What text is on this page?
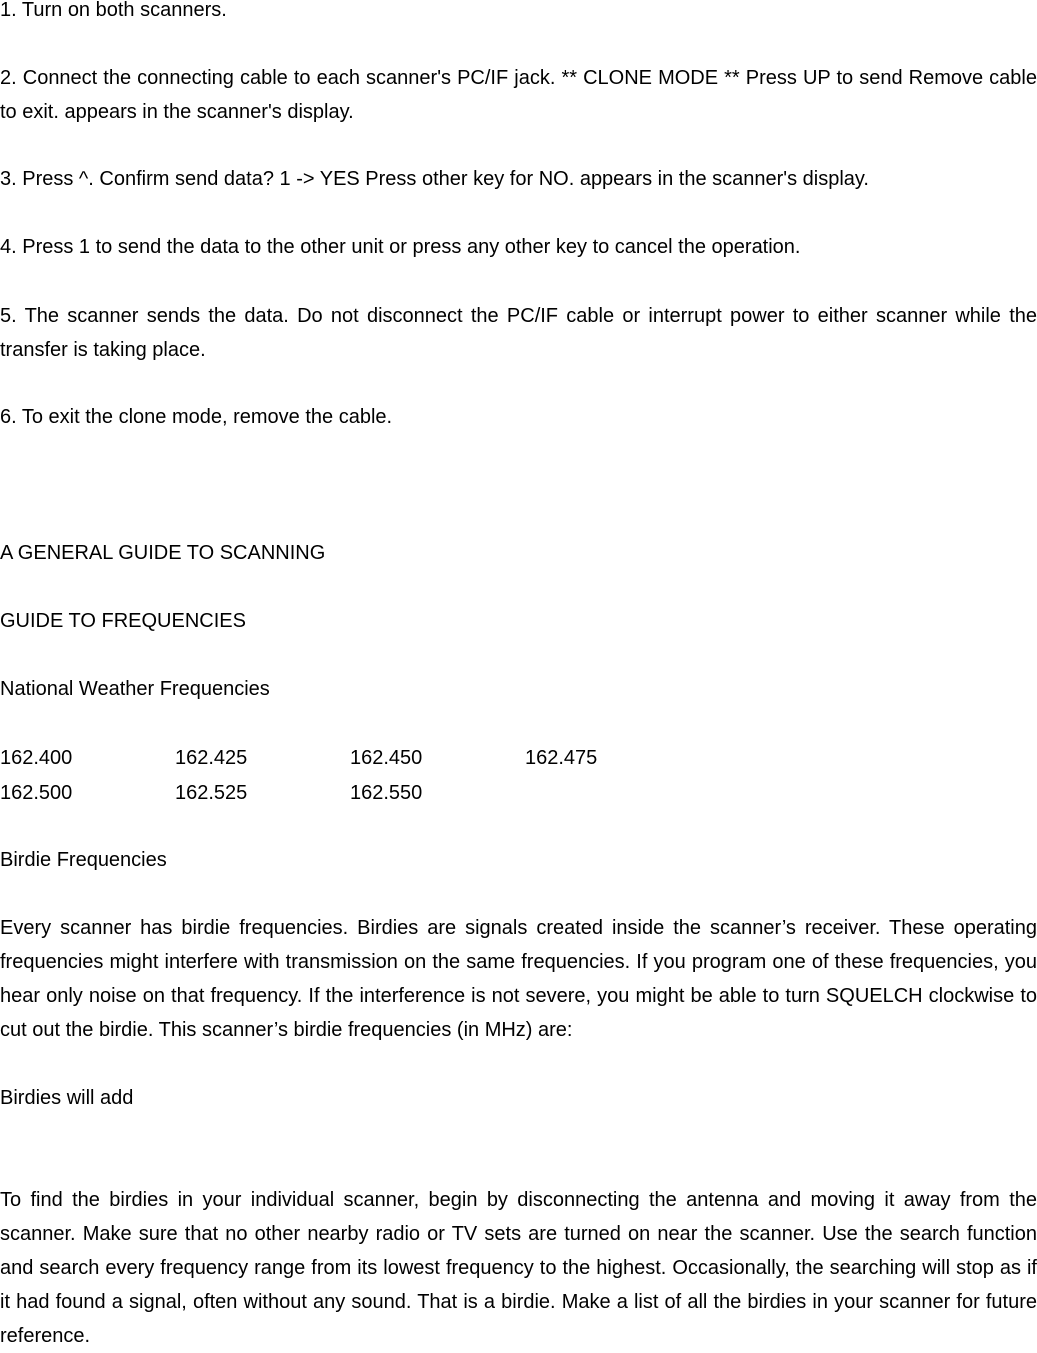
1. Turn on both scanners.

2. Connect the connecting cable to each scanner's PC/IF jack. ** CLONE MODE ** Press UP to send Remove cable to exit. appears in the scanner's display.

3. Press ^. Confirm send data? 1 -> YES Press other key for NO. appears in the scanner's display.

4. Press 1 to send the data to the other unit or press any other key to cancel the operation.

5. The scanner sends the data. Do not disconnect the PC/IF cable or interrupt power to either scanner while the transfer is taking place.

6. To exit the clone mode, remove the cable.

A GENERAL GUIDE TO SCANNING

GUIDE TO FREQUENCIES

National Weather Frequencies

162.400	162.425	162.450	162.475
162.500	162.525	162.550

Birdie Frequencies

Every scanner has birdie frequencies. Birdies are signals created inside the scanner’s receiver. These operating frequencies might interfere with transmission on the same frequencies. If you program one of these frequencies, you hear only noise on that frequency. If the interference is not severe, you might be able to turn SQUELCH clockwise to cut out the birdie. This scanner’s birdie frequencies (in MHz) are:

Birdies will add

To find the birdies in your individual scanner, begin by disconnecting the antenna and moving it away from the scanner. Make sure that no other nearby radio or TV sets are turned on near the scanner. Use the search function and search every frequency range from its lowest frequency to the highest. Occasionally, the searching will stop as if it had found a signal, often without any sound. That is a birdie. Make a list of all the birdies in your scanner for future reference.
